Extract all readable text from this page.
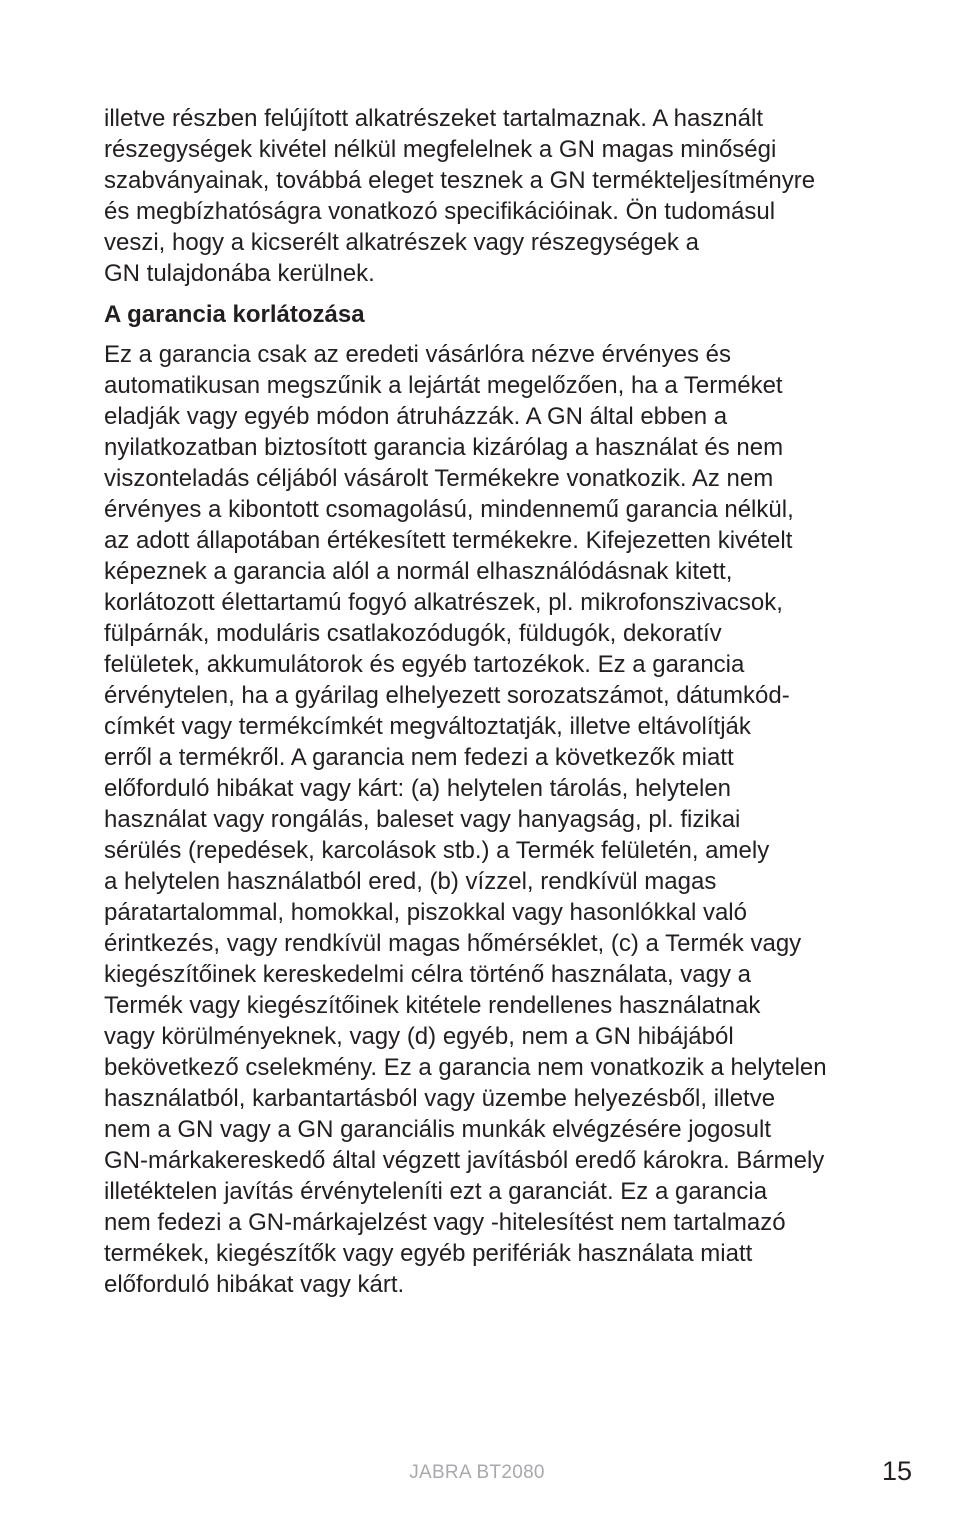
illetve részben felújított alkatrészeket tartalmaznak. A használt
részegységek kivétel nélkül megfelelnek a GN magas minőségi
szabványainak, továbbá eleget tesznek a GN termékteljesítményre
és megbízhatóságra vonatkozó specifikációinak. Ön tudomásul
veszi, hogy a kicserélt alkatrészek vagy részegységek a
GN tulajdonába kerülnek.

A garancia korlátozása

Ez a garancia csak az eredeti vásárlóra nézve érvényes és
automatikusan megszűnik a lejártát megelőzően, ha a Terméket
eladják vagy egyéb módon átruházzák. A GN által ebben a
nyilatkozatban biztosított garancia kizárólag a használat és nem
viszonteladás céljából vásárolt Termékekre vonatkozik. Az nem
érvényes a kibontott csomagolású, mindennemű garancia nélkül,
az adott állapotában értékesített termékekre. Kifejezetten kivételt
képeznek a garancia alól a normál elhasználódásnak kitett,
korlátozott élettartamú fogyó alkatrészek, pl. mikrofonszivacsok,
fülpárnák, moduláris csatlakozódugók, füldugók, dekoratív
felületek, akkumulátorok és egyéb tartozékok. Ez a garancia
érvénytelen, ha a gyárilag elhelyezett sorozatszámot, dátumkód-
címkét vagy termékcímkét megváltoztatják, illetve eltávolítják
erről a termékről. A garancia nem fedezi a következők miatt
előforduló hibákat vagy kárt: (a) helytelen tárolás, helytelen
használat vagy rongálás, baleset vagy hanyagság, pl. fizikai
sérülés (repedések, karcolások stb.) a Termék felületén, amely
a helytelen használatból ered, (b) vízzel, rendkívül magas
páratartalommal, homokkal, piszokkal vagy hasonlókkal való
érintkezés, vagy rendkívül magas hőmérséklet, (c) a Termék vagy
kiegészítőinek kereskedelmi célra történő használata, vagy a
Termék vagy kiegészítőinek kitétele rendellenes használatnak
vagy körülményeknek, vagy (d) egyéb, nem a GN hibájából
bekövetkező cselekmény. Ez a garancia nem vonatkozik a helytelen
használatból, karbantartásból vagy üzembe helyezésből, illetve
nem a GN vagy a GN garanciális munkák elvégzésére jogosult
GN-márkakereskedő által végzett javításból eredő károkra. Bármely
illetéktelen javítás érvényteleníti ezt a garanciát. Ez a garancia
nem fedezi a GN-márkajelzést vagy -hitelesítést nem tartalmazó
termékek, kiegészítők vagy egyéb perifériák használata miatt
előforduló hibákat vagy kárt.

JABRA BT2080	15
